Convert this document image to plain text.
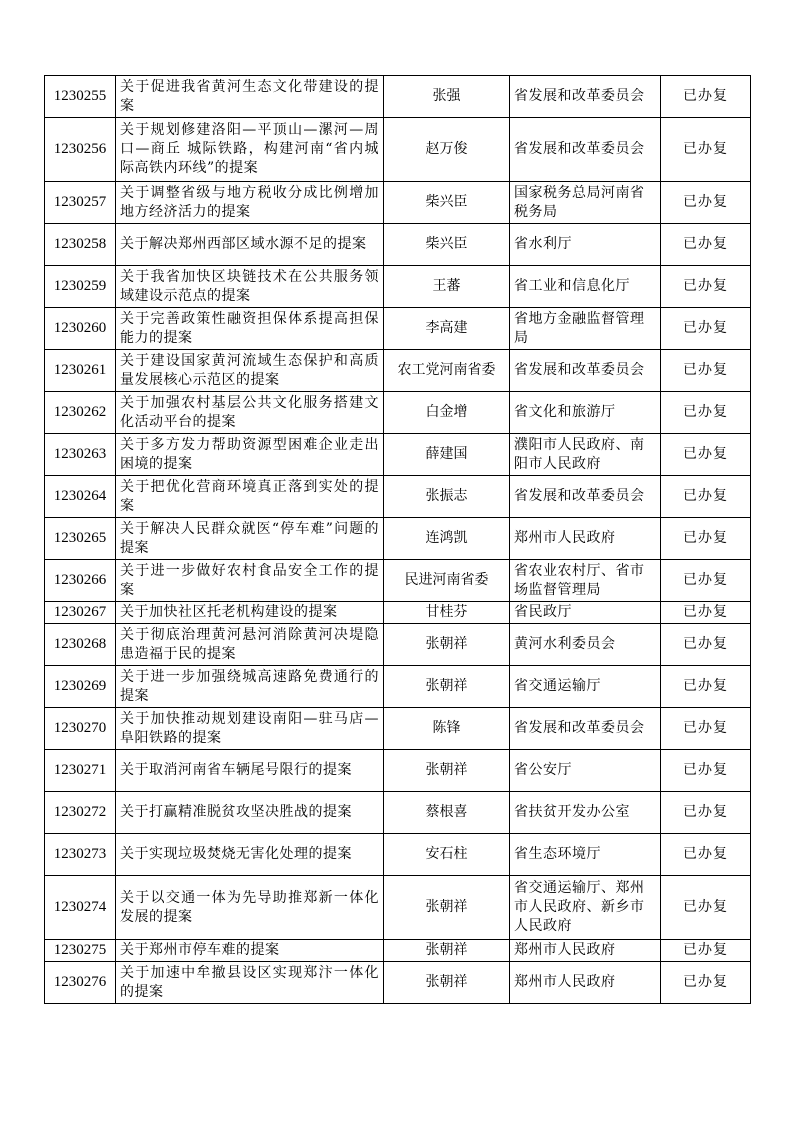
1230255	关于促进我省黄河生态文化带建设的提案	张强	省发展和改革委员会	已办复
1230256	关于规划修建洛阳—平顶山—漯河—周口—商丘 城际铁路，构建河南“省内城际高铁内环线”的提案	赵万俊	省发展和改革委员会	已办复
1230257	关于调整省级与地方税收分成比例增加地方经济活力的提案	柴兴臣	国家税务总局河南省税务局	已办复
1230258	关于解决郑州西部区域水源不足的提案	柴兴臣	省水利厅	已办复
1230259	关于我省加快区块链技术在公共服务领域建设示范点的提案	王蕃	省工业和信息化厅	已办复
1230260	关于完善政策性融资担保体系提高担保能力的提案	李高建	省地方金融监督管理局	已办复
1230261	关于建设国家黄河流域生态保护和高质量发展核心示范区的提案	农工党河南省委	省发展和改革委员会	已办复
1230262	关于加强农村基层公共文化服务搭建文化活动平台的提案	白金增	省文化和旅游厅	已办复
1230263	关于多方发力帮助资源型困难企业走出困境的提案	薛建国	濮阳市人民政府、南阳市人民政府	已办复
1230264	关于把优化营商环境真正落到实处的提案	张振志	省发展和改革委员会	已办复
1230265	关于解决人民群众就医“停车难”问题的提案	连鸿凯	郑州市人民政府	已办复
1230266	关于进一步做好农村食品安全工作的提案	民进河南省委	省农业农村厅、省市场监督管理局	已办复
1230267	关于加快社区托老机构建设的提案	甘桂芬	省民政厅	已办复
1230268	关于彻底治理黄河悬河消除黄河决堤隐患造福于民的提案	张朝祥	黄河水利委员会	已办复
1230269	关于进一步加强绕城高速路免费通行的提案	张朝祥	省交通运输厅	已办复
1230270	关于加快推动规划建设南阳—驻马店—阜阳铁路的提案	陈锋	省发展和改革委员会	已办复
1230271	关于取消河南省车辆尾号限行的提案	张朝祥	省公安厅	已办复
1230272	关于打赢精准脱贫攻坚决胜战的提案	蔡根喜	省扶贫开发办公室	已办复
1230273	关于实现垃圾焚烧无害化处理的提案	安石柱	省生态环境厅	已办复
1230274	关于以交通一体为先导助推郑新一体化发展的提案	张朝祥	省交通运输厅、郑州市人民政府、新乡市人民政府	已办复
1230275	关于郑州市停车难的提案	张朝祥	郑州市人民政府	已办复
1230276	关于加速中牟撤县设区实现郑汴一体化的提案	张朝祥	郑州市人民政府	已办复
